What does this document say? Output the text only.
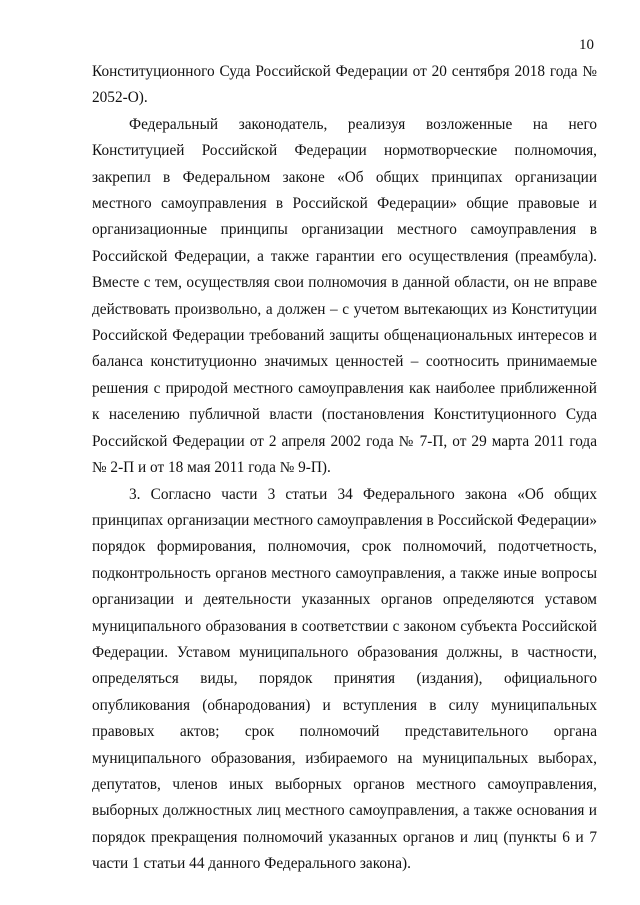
10

Конституционного Суда Российской Федерации от 20 сентября 2018 года № 2052-О).

Федеральный законодатель, реализуя возложенные на него Конституцией Российской Федерации нормотворческие полномочия, закрепил в Федеральном законе «Об общих принципах организации местного самоуправления в Российской Федерации» общие правовые и организационные принципы организации местного самоуправления в Российской Федерации, а также гарантии его осуществления (преамбула). Вместе с тем, осуществляя свои полномочия в данной области, он не вправе действовать произвольно, а должен – с учетом вытекающих из Конституции Российской Федерации требований защиты общенациональных интересов и баланса конституционно значимых ценностей – соотносить принимаемые решения с природой местного самоуправления как наиболее приближенной к населению публичной власти (постановления Конституционного Суда Российской Федерации от 2 апреля 2002 года № 7-П, от 29 марта 2011 года № 2-П и от 18 мая 2011 года № 9-П).

3. Согласно части 3 статьи 34 Федерального закона «Об общих принципах организации местного самоуправления в Российской Федерации» порядок формирования, полномочия, срок полномочий, подотчетность, подконтрольность органов местного самоуправления, а также иные вопросы организации и деятельности указанных органов определяются уставом муниципального образования в соответствии с законом субъекта Российской Федерации. Уставом муниципального образования должны, в частности, определяться виды, порядок принятия (издания), официального опубликования (обнародования) и вступления в силу муниципальных правовых актов; срок полномочий представительного органа муниципального образования, избираемого на муниципальных выборах, депутатов, членов иных выборных органов местного самоуправления, выборных должностных лиц местного самоуправления, а также основания и порядок прекращения полномочий указанных органов и лиц (пункты 6 и 7 части 1 статьи 44 данного Федерального закона).
